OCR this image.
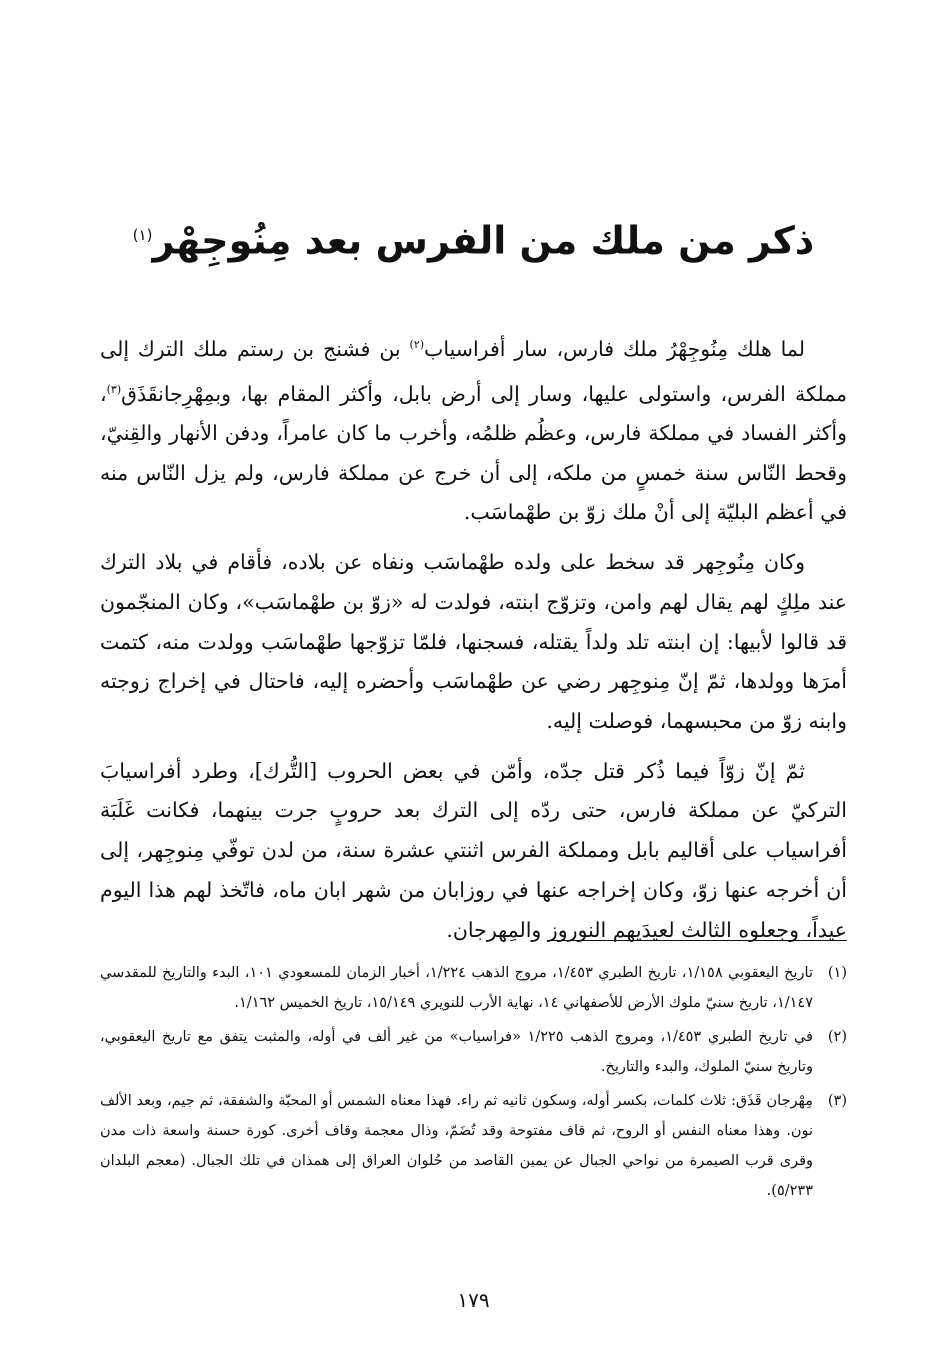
ذكر من ملك من الفرس بعد مِنُوجِهْر$^{(١)}$

لما هلك مِنُوجِهْرُ ملك فارس، سار أفراسياب$^{(٢)}$ بن فشنج بن رستم ملك الترك إلى مملكة الفرس، واستولى عليها، وسار إلى أرض بابل، وأكثر المقام بها، وبمِهْرِجانقَذَق$^{(٣)}$، وأكثر الفساد في مملكة فارس، وعظُم ظلمُه، وأخرب ما كان عامراً، ودفن الأنهار والقِنيّ، وقحط النّاس سنة خمسٍ من ملكه، إلى أن خرج عن مملكة فارس، ولم يزل النّاس منه في أعظم البليّة إلى أنْ ملك زوّ بن طهْماسَب.

وكان مِنُوجِهر قد سخط على ولده طهْماسَب ونفاه عن بلاده، فأقام في بلاد الترك عند ملِكٍ لهم يقال لهم وامن، وتزوّج ابنته، فولدت له «زوّ بن طهْماسَب»، وكان المنجّمون قد قالوا لأبيها: إن ابنته تلد ولداً يقتله، فسجنها، فلمّا تزوّجها طهْماسَب وولدت منه، كتمت أمرَها وولدها، ثمّ إنّ مِنوجِهر رضي عن طهْماسَب وأحضره إليه، فاحتال في إخراج زوجته وابنه زوّ من محبسهما، فوصلت إليه.

ثمّ إنّ زوّاً فيما ذُكر قتل جدّه، وأمّن في بعض الحروب [التُّرك]، وطرد أفراسيابَ التركيّ عن مملكة فارس، حتى ردّه إلى الترك بعد حروبٍ جرت بينهما، فكانت غَلَبَة أفراسياب على أقاليم بابل ومملكة الفرس اثنتي عشرة سنة، من لدن توفّي مِنوجِهر، إلى أن أخرجه عنها زوّ، وكان إخراجه عنها في روزابان من شهر ابان ماه، فاتّخذ لهم هذا اليوم عيداً، وجعلوه الثالث لعيدَيهم النوروز والمِهرجان.

(١)
تاريخ اليعقوبي ١/١٥٨، تاريخ الطبري ١/٤٥٣، مروج الذهب ١/٢٢٤، أخبار الزمان للمسعودي ١٠١، البدء والتاريخ للمقدسي ١/١٤٧، تاريخ سنيّ ملوك الأرض للأصفهاني ١٤، نهاية الأرب للنويري ١٥/١٤٩، تاريخ الخميس ١/١٦٢.
(٢)
في تاريخ الطبري ١/٤٥٣، ومروج الذهب ١/٢٢٥ «فراسياب» من غير ألف في أوله، والمثبت يتفق مع تاريخ اليعقوبي، وتاريخ سنيّ الملوك، والبدء والتاريخ.
(٣)
مِهْرجان قَذَق: ثلاث كلمات، بكسر أوله، وسكون ثانيه ثم راء. فهذا معناه الشمس أو المحبّة والشفقة، ثم جيم، وبعد الألف نون. وهذا معناه النفس أو الروح، ثم قاف مفتوحة وقد تُضَمّ، وذال معجمة وقاف أخرى. كورة حسنة واسعة ذات مدن وقرى قرب الصيمرة من نواحي الجبال عن يمين القاصد من حُلوان العراق إلى همذان في تلك الجبال. (معجم البلدان ٥/٢٣٣).
١٧٩
